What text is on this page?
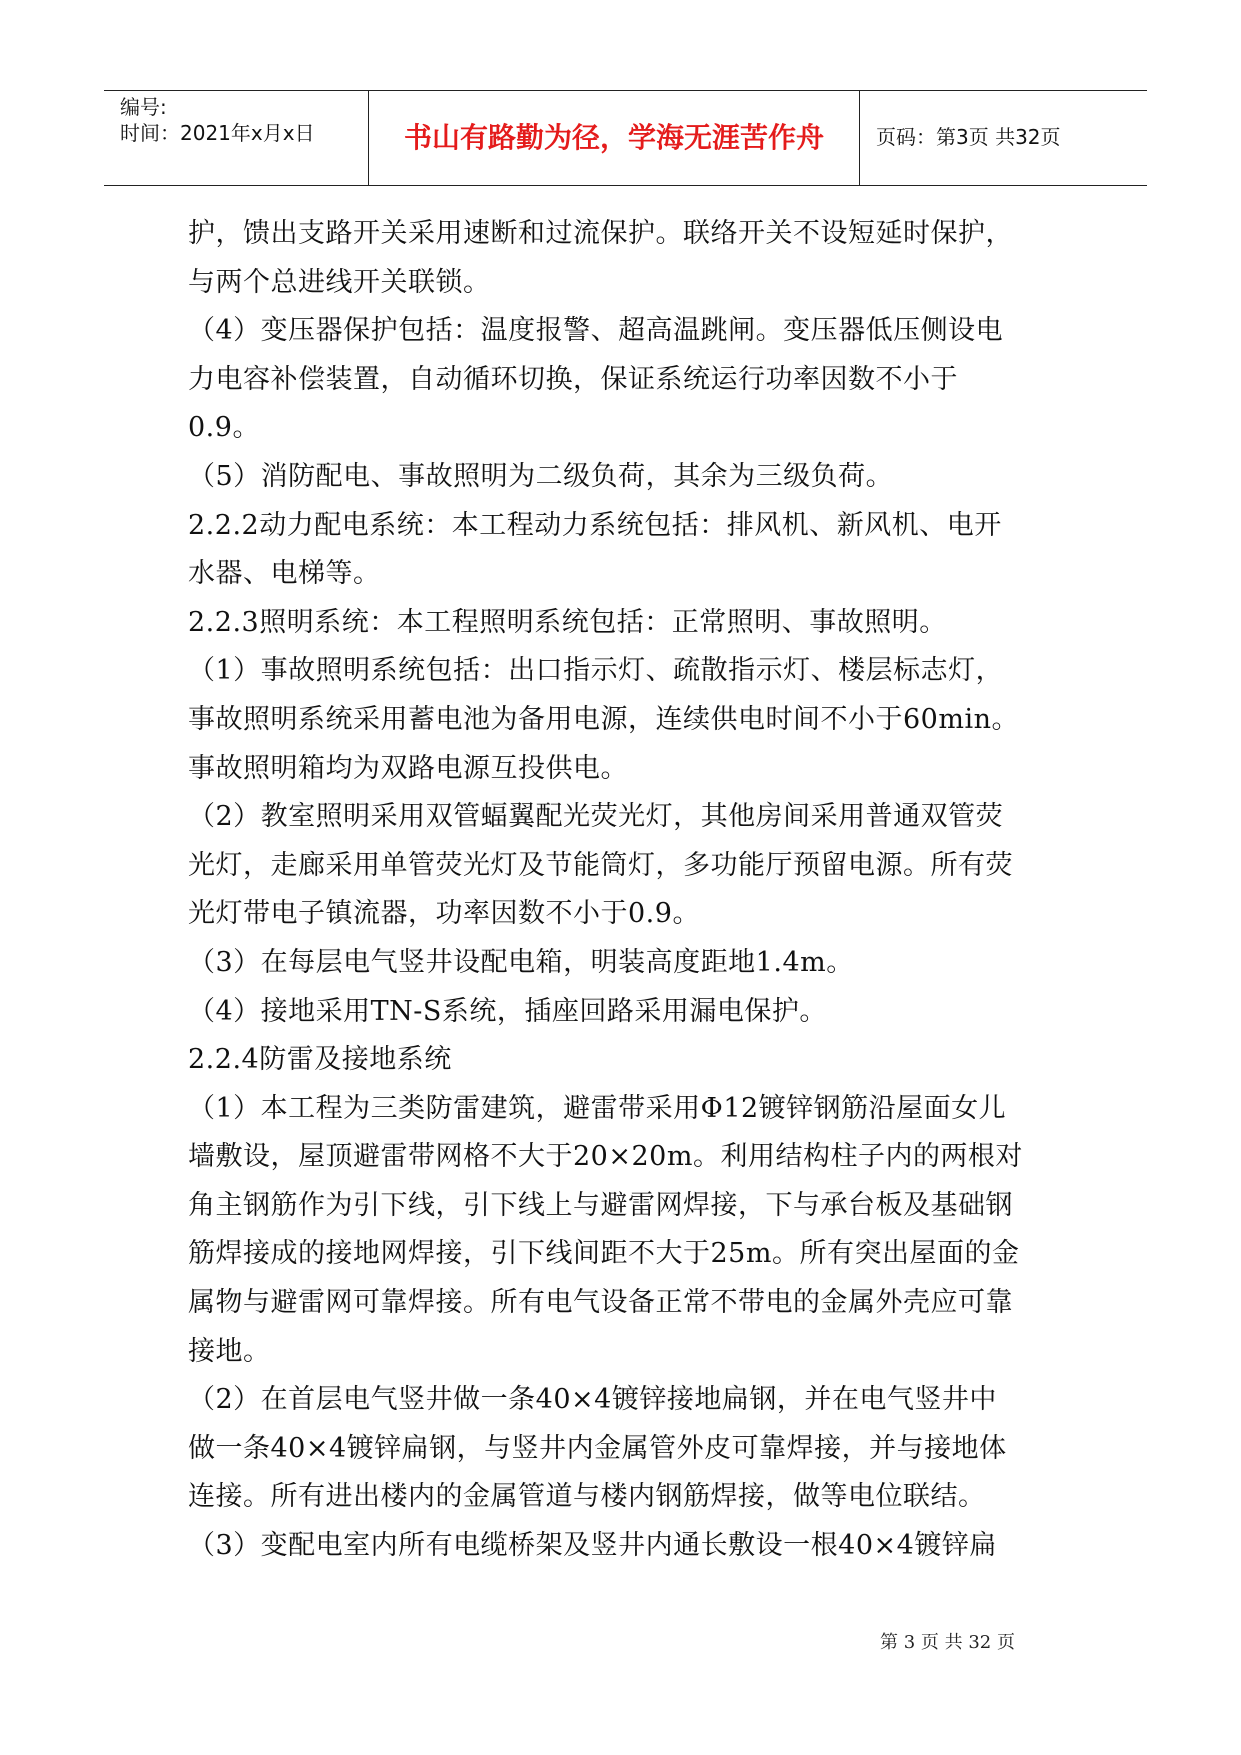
编号:
时间：2021年x月x日	书山有路勤为径，学海无涯苦作舟	页码：第3页 共32页
护，馈出支路开关采用速断和过流保护。联络开关不设短延时保护，
与两个总进线开关联锁。
（4）变压器保护包括：温度报警、超高温跳闸。变压器低压侧设电
力电容补偿装置，自动循环切换，保证系统运行功率因数不小于
0.9。
（5）消防配电、事故照明为二级负荷，其余为三级负荷。
2.2.2动力配电系统：本工程动力系统包括：排风机、新风机、电开
水器、电梯等。
2.2.3照明系统：本工程照明系统包括：正常照明、事故照明。
（1）事故照明系统包括：出口指示灯、疏散指示灯、楼层标志灯，
事故照明系统采用蓄电池为备用电源，连续供电时间不小于60min。
事故照明箱均为双路电源互投供电。
（2）教室照明采用双管蝠翼配光荧光灯，其他房间采用普通双管荧
光灯，走廊采用单管荧光灯及节能筒灯，多功能厅预留电源。所有荧
光灯带电子镇流器，功率因数不小于0.9。
（3）在每层电气竖井设配电箱，明装高度距地1.4m。
（4）接地采用TN-S系统，插座回路采用漏电保护。
2.2.4防雷及接地系统
（1）本工程为三类防雷建筑，避雷带采用Φ12镀锌钢筋沿屋面女儿
墙敷设，屋顶避雷带网格不大于20×20m。利用结构柱子内的两根对
角主钢筋作为引下线，引下线上与避雷网焊接，下与承台板及基础钢
筋焊接成的接地网焊接，引下线间距不大于25m。所有突出屋面的金
属物与避雷网可靠焊接。所有电气设备正常不带电的金属外壳应可靠
接地。
（2）在首层电气竖井做一条40×4镀锌接地扁钢，并在电气竖井中
做一条40×4镀锌扁钢，与竖井内金属管外皮可靠焊接，并与接地体
连接。所有进出楼内的金属管道与楼内钢筋焊接，做等电位联结。
（3）变配电室内所有电缆桥架及竖井内通长敷设一根40×4镀锌扁
第 3 页 共 32 页
